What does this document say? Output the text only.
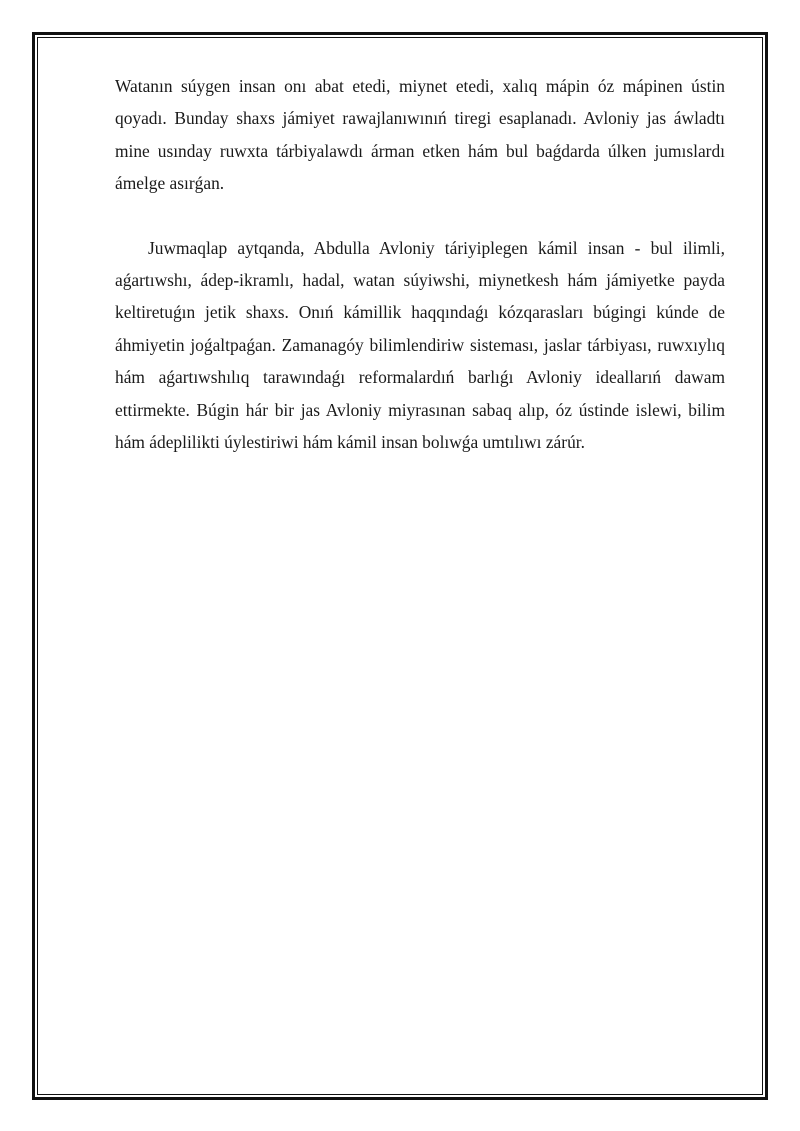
Watanın súygen insan onı abat etedi, miynet etedi, xalıq mápin óz mápinen ústin qoyadı. Bunday shaxs jámiyet rawajlanıwınıń tiregi esaplanadı. Avloniy jas áwladtı mine usınday ruwxta tárbiyalawdı árman etken hám bul baǵdarda úlken jumıslardı ámelge asırǵan.

Juwmaqlap aytqanda, Abdulla Avloniy táriyiplegen kámil insan - bul ilimli, aǵartıwshı, ádep-ikramlı, hadal, watan súyiwshi, miynetkesh hám jámiyetke payda keltiretuǵın jetik shaxs. Onıń kámillik haqqındaǵı kózqarasları búgingi kúnde de áhmiyetin joǵaltpaǵan. Zamanagóy bilimlendiriw sisteması, jaslar tárbiyası, ruwxıylıq hám aǵartıwshılıq tarawındaǵı reformalardıń barlıǵı Avloniy ideallarıń dawam ettirmekte. Búgin hár bir jas Avloniy miyrasınan sabaq alıp, óz ústinde islewi, bilim hám ádeplilikti úylestiriwi hám kámil insan bolıwǵa umtılıwı zárúr.
